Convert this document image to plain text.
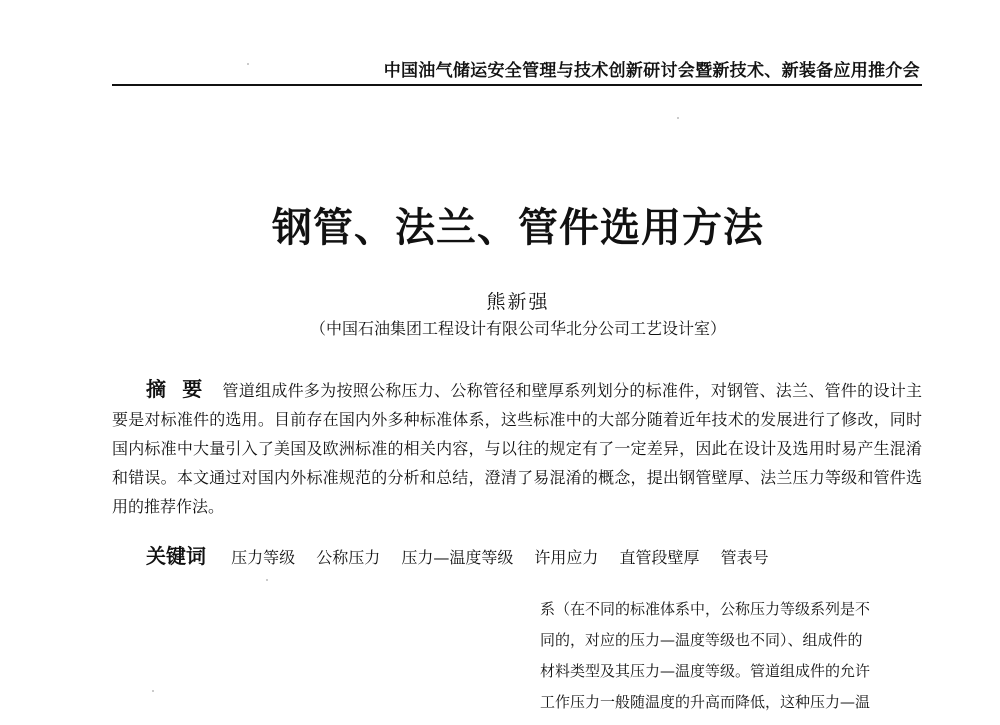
中国油气储运安全管理与技术创新研讨会暨新技术、新装备应用推介会
钢管、法兰、管件选用方法
熊新强
（中国石油集团工程设计有限公司华北分公司工艺设计室）
摘要 管道组成件多为按照公称压力、公称管径和壁厚系列划分的标准件，对钢管、法兰、管件的设计主要是对标准件的选用。目前存在国内外多种标准体系，这些标准中的大部分随着近年技术的发展进行了修改，同时国内标准中大量引入了美国及欧洲标准的相关内容，与以往的规定有了一定差异，因此在设计及选用时易产生混淆和错误。本文通过对国内外标准规范的分析和总结，澄清了易混淆的概念，提出钢管壁厚、法兰压力等级和管件选用的推荐作法。
关键词 压力等级 公称压力 压力—温度等级 许用应力 直管段壁厚 管表号
系（在不同的标准体系中，公称压力等级系列是不
同的，对应的压力—温度等级也不同）、组成件的
材料类型及其压力—温度等级。管道组成件的允许
工作压力一般随温度的升高而降低，这种压力—温
